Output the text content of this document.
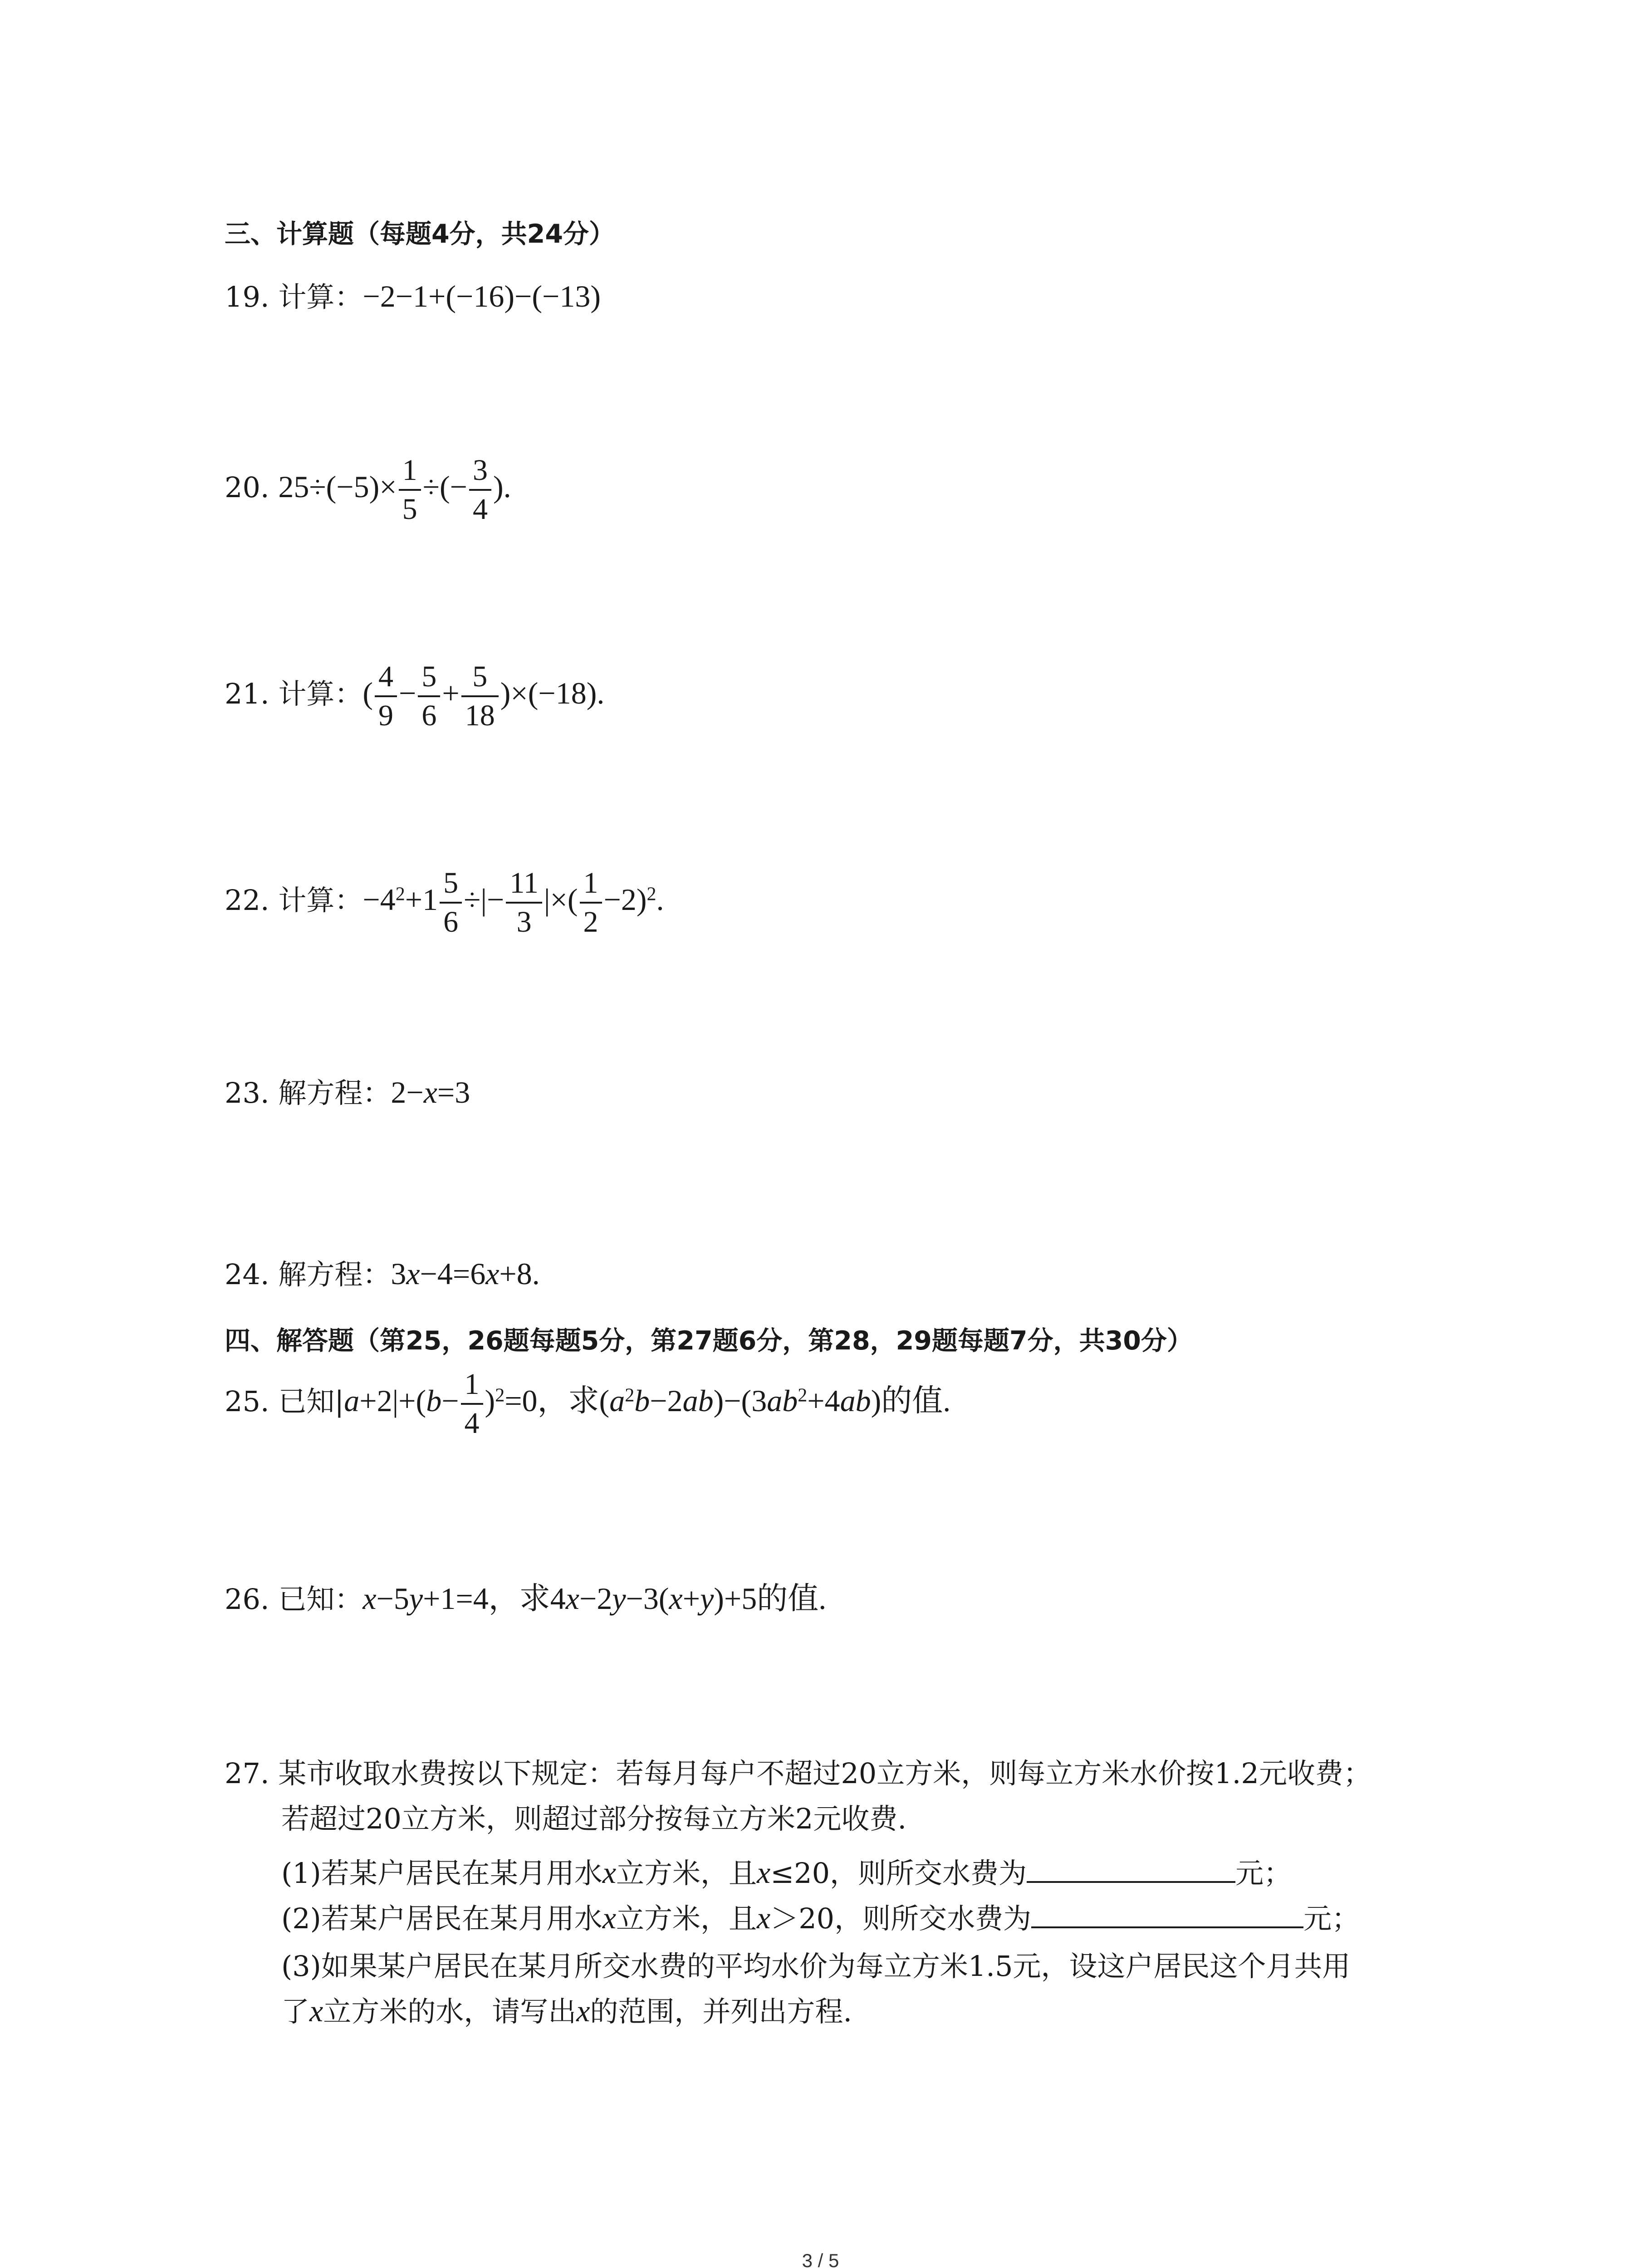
三、计算题（每题4分，共24分）
19. 计算：−2−1+(−16)−(−13)
20. $25\div(-5)\times \frac{1}{5}$ ÷(− $\frac{3}{4}$ ).
21. 计算：( $\frac{4}{9} - \frac{5}{6} + \frac{5}{18} )\times(-18)$.
22. 计算：$-4^2+1 \frac{5}{6}$ ÷|− $\frac{11}{3}$ |×( $\frac{1}{2} -2)^2$.
23. 解方程：2−x=3
24. 解方程：3x−4=6x+8.
四、解答题（第25，26题每题5分，第27题6分，第28，29题每题7分，共30分）
25. 已知$|a+2|+(b- \frac{1}{4} )^2=0$，求$(a^2b-2ab)-(3ab^2+4ab)$的值.
26. 已知：x−5y+1=4，求4x−2y−3(x+y)+5的值.
27. 某市收取水费按以下规定：若每月每户不超过20立方米，则每立方米水价按1.2元收费；
若超过20立方米，则超过部分按每立方米2元收费.
(1)若某户居民在某月用水x立方米，且x≤20，则所交水费为	元；
(2)若某户居民在某月用水x立方米，且x＞20，则所交水费为	元；
(3)如果某户居民在某月所交水费的平均水价为每立方米1.5元，设这户居民这个月共用
了x立方米的水，请写出x的范围，并列出方程.
3 / 5
